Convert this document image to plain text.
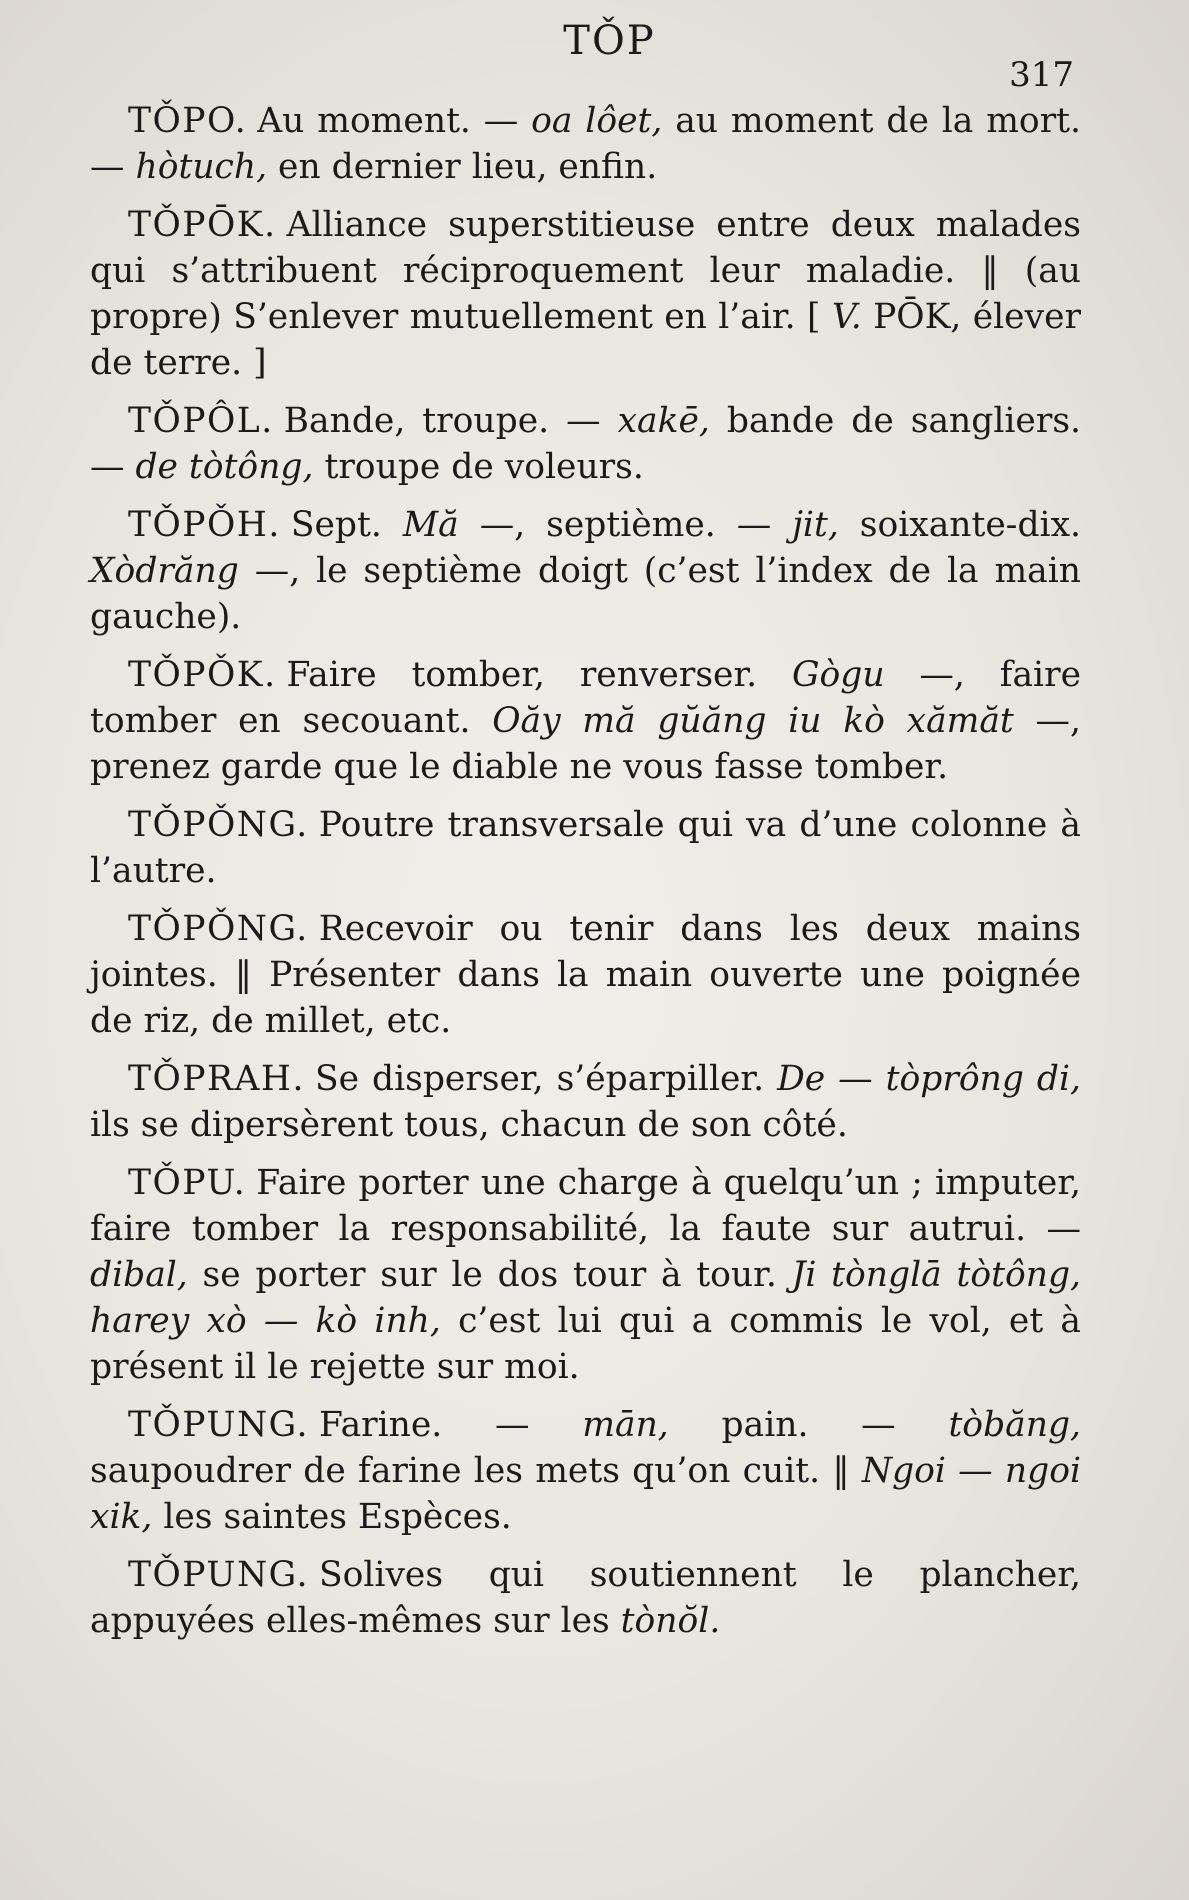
TǑP
317

TǑPO. Au moment. — oa lôet, au moment de la mort. — hòtuch, en dernier lieu, enfin.

TǑPŌK. Alliance superstitieuse entre deux malades qui s’attribuent réciproquement leur maladie. ‖ (au propre) S’enlever mutuellement en l’air. [ V. PŌK, élever de terre. ]

TǑPÔL. Bande, troupe. — xakē, bande de sangliers. — de tòtông, troupe de voleurs.

TǑPǑH. Sept. Mă —, septième. — jit, soixante-dix. Xòdrăng —, le septième doigt (c’est l’index de la main gauche).

TǑPǑK. Faire tomber, renverser. Gògu —, faire tomber en secouant. Oăy mă gŭăng iu kò xămăt —, prenez garde que le diable ne vous fasse tomber.

TǑPǑNG. Poutre transversale qui va d’une colonne à l’autre.

TǑPǑNG. Recevoir ou tenir dans les deux mains jointes. ‖ Présenter dans la main ouverte une poignée de riz, de millet, etc.

TǑPRAH. Se disperser, s’éparpiller. De — tòprông di, ils se dipersèrent tous, chacun de son côté.

TǑPU. Faire porter une charge à quelqu’un ; imputer, faire tomber la responsabilité, la faute sur autrui. — dibal, se porter sur le dos tour à tour. Ji tònglā tòtông, harey xò — kò inh, c’est lui qui a commis le vol, et à présent il le rejette sur moi.

TǑPUNG. Farine. — mān, pain. — tòbăng, saupoudrer de farine les mets qu’on cuit. ‖ Ngoi — ngoi xik, les saintes Espèces.

TǑPUNG. Solives qui soutiennent le plancher, appuyées elles-mêmes sur les tònŏl.
